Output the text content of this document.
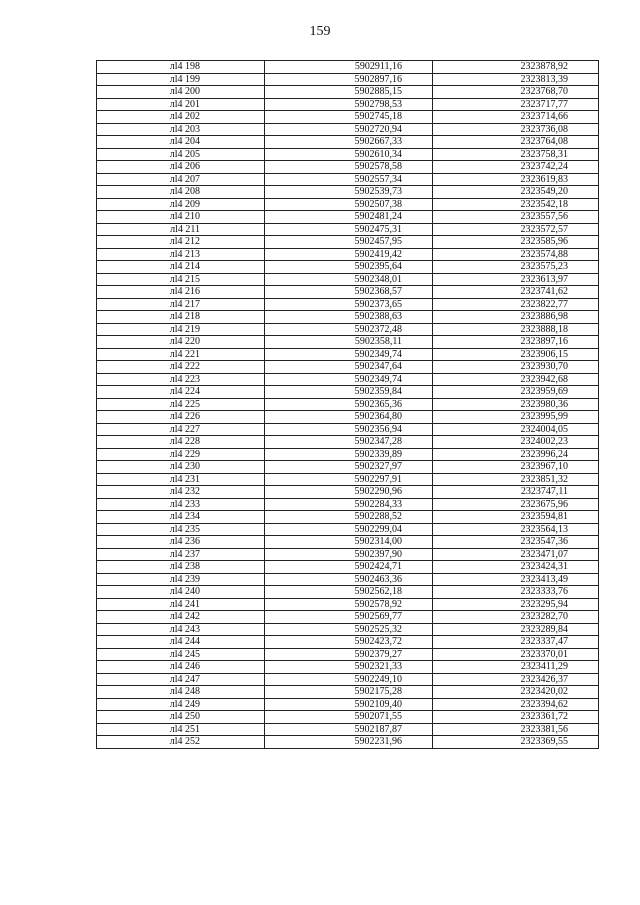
159
лl4 198	5902911,16	2323878,92
лl4 199	5902897,16	2323813,39
лl4 200	5902885,15	2323768,70
лl4 201	5902798,53	2323717,77
лl4 202	5902745,18	2323714,66
лl4 203	5902720,94	2323736,08
лl4 204	5902667,33	2323764,08
лl4 205	5902610,34	2323758,31
лl4 206	5902578,58	2323742,24
лl4 207	5902557,34	2323619,83
лl4 208	5902539,73	2323549,20
лl4 209	5902507,38	2323542,18
лl4 210	5902481,24	2323557,56
лl4 211	5902475,31	2323572,57
лl4 212	5902457,95	2323585,96
лl4 213	5902419,42	2323574,88
лl4 214	5902395,64	2323575,23
лl4 215	5902348,01	2323613,97
лl4 216	5902368,57	2323741,62
лl4 217	5902373,65	2323822,77
лl4 218	5902388,63	2323886,98
лl4 219	5902372,48	2323888,18
лl4 220	5902358,11	2323897,16
лl4 221	5902349,74	2323906,15
лl4 222	5902347,64	2323930,70
лl4 223	5902349,74	2323942,68
лl4 224	5902359,84	2323959,69
лl4 225	5902365,36	2323980,36
лl4 226	5902364,80	2323995,99
лl4 227	5902356,94	2324004,05
лl4 228	5902347,28	2324002,23
лl4 229	5902339,89	2323996,24
лl4 230	5902327,97	2323967,10
лl4 231	5902297,91	2323851,32
лl4 232	5902290,96	2323747,11
лl4 233	5902284,33	2323675,96
лl4 234	5902288,52	2323594,81
лl4 235	5902299,04	2323564,13
лl4 236	5902314,00	2323547,36
лl4 237	5902397,90	2323471,07
лl4 238	5902424,71	2323424,31
лl4 239	5902463,36	2323413,49
лl4 240	5902562,18	2323333,76
лl4 241	5902578,92	2323295,94
лl4 242	5902569,77	2323282,70
лl4 243	5902525,32	2323289,84
лl4 244	5902423,72	2323337,47
лl4 245	5902379,27	2323370,01
лl4 246	5902321,33	2323411,29
лl4 247	5902249,10	2323426,37
лl4 248	5902175,28	2323420,02
лl4 249	5902109,40	2323394,62
лl4 250	5902071,55	2323361,72
лl4 251	5902187,87	2323381,56
лl4 252	5902231,96	2323369,55
